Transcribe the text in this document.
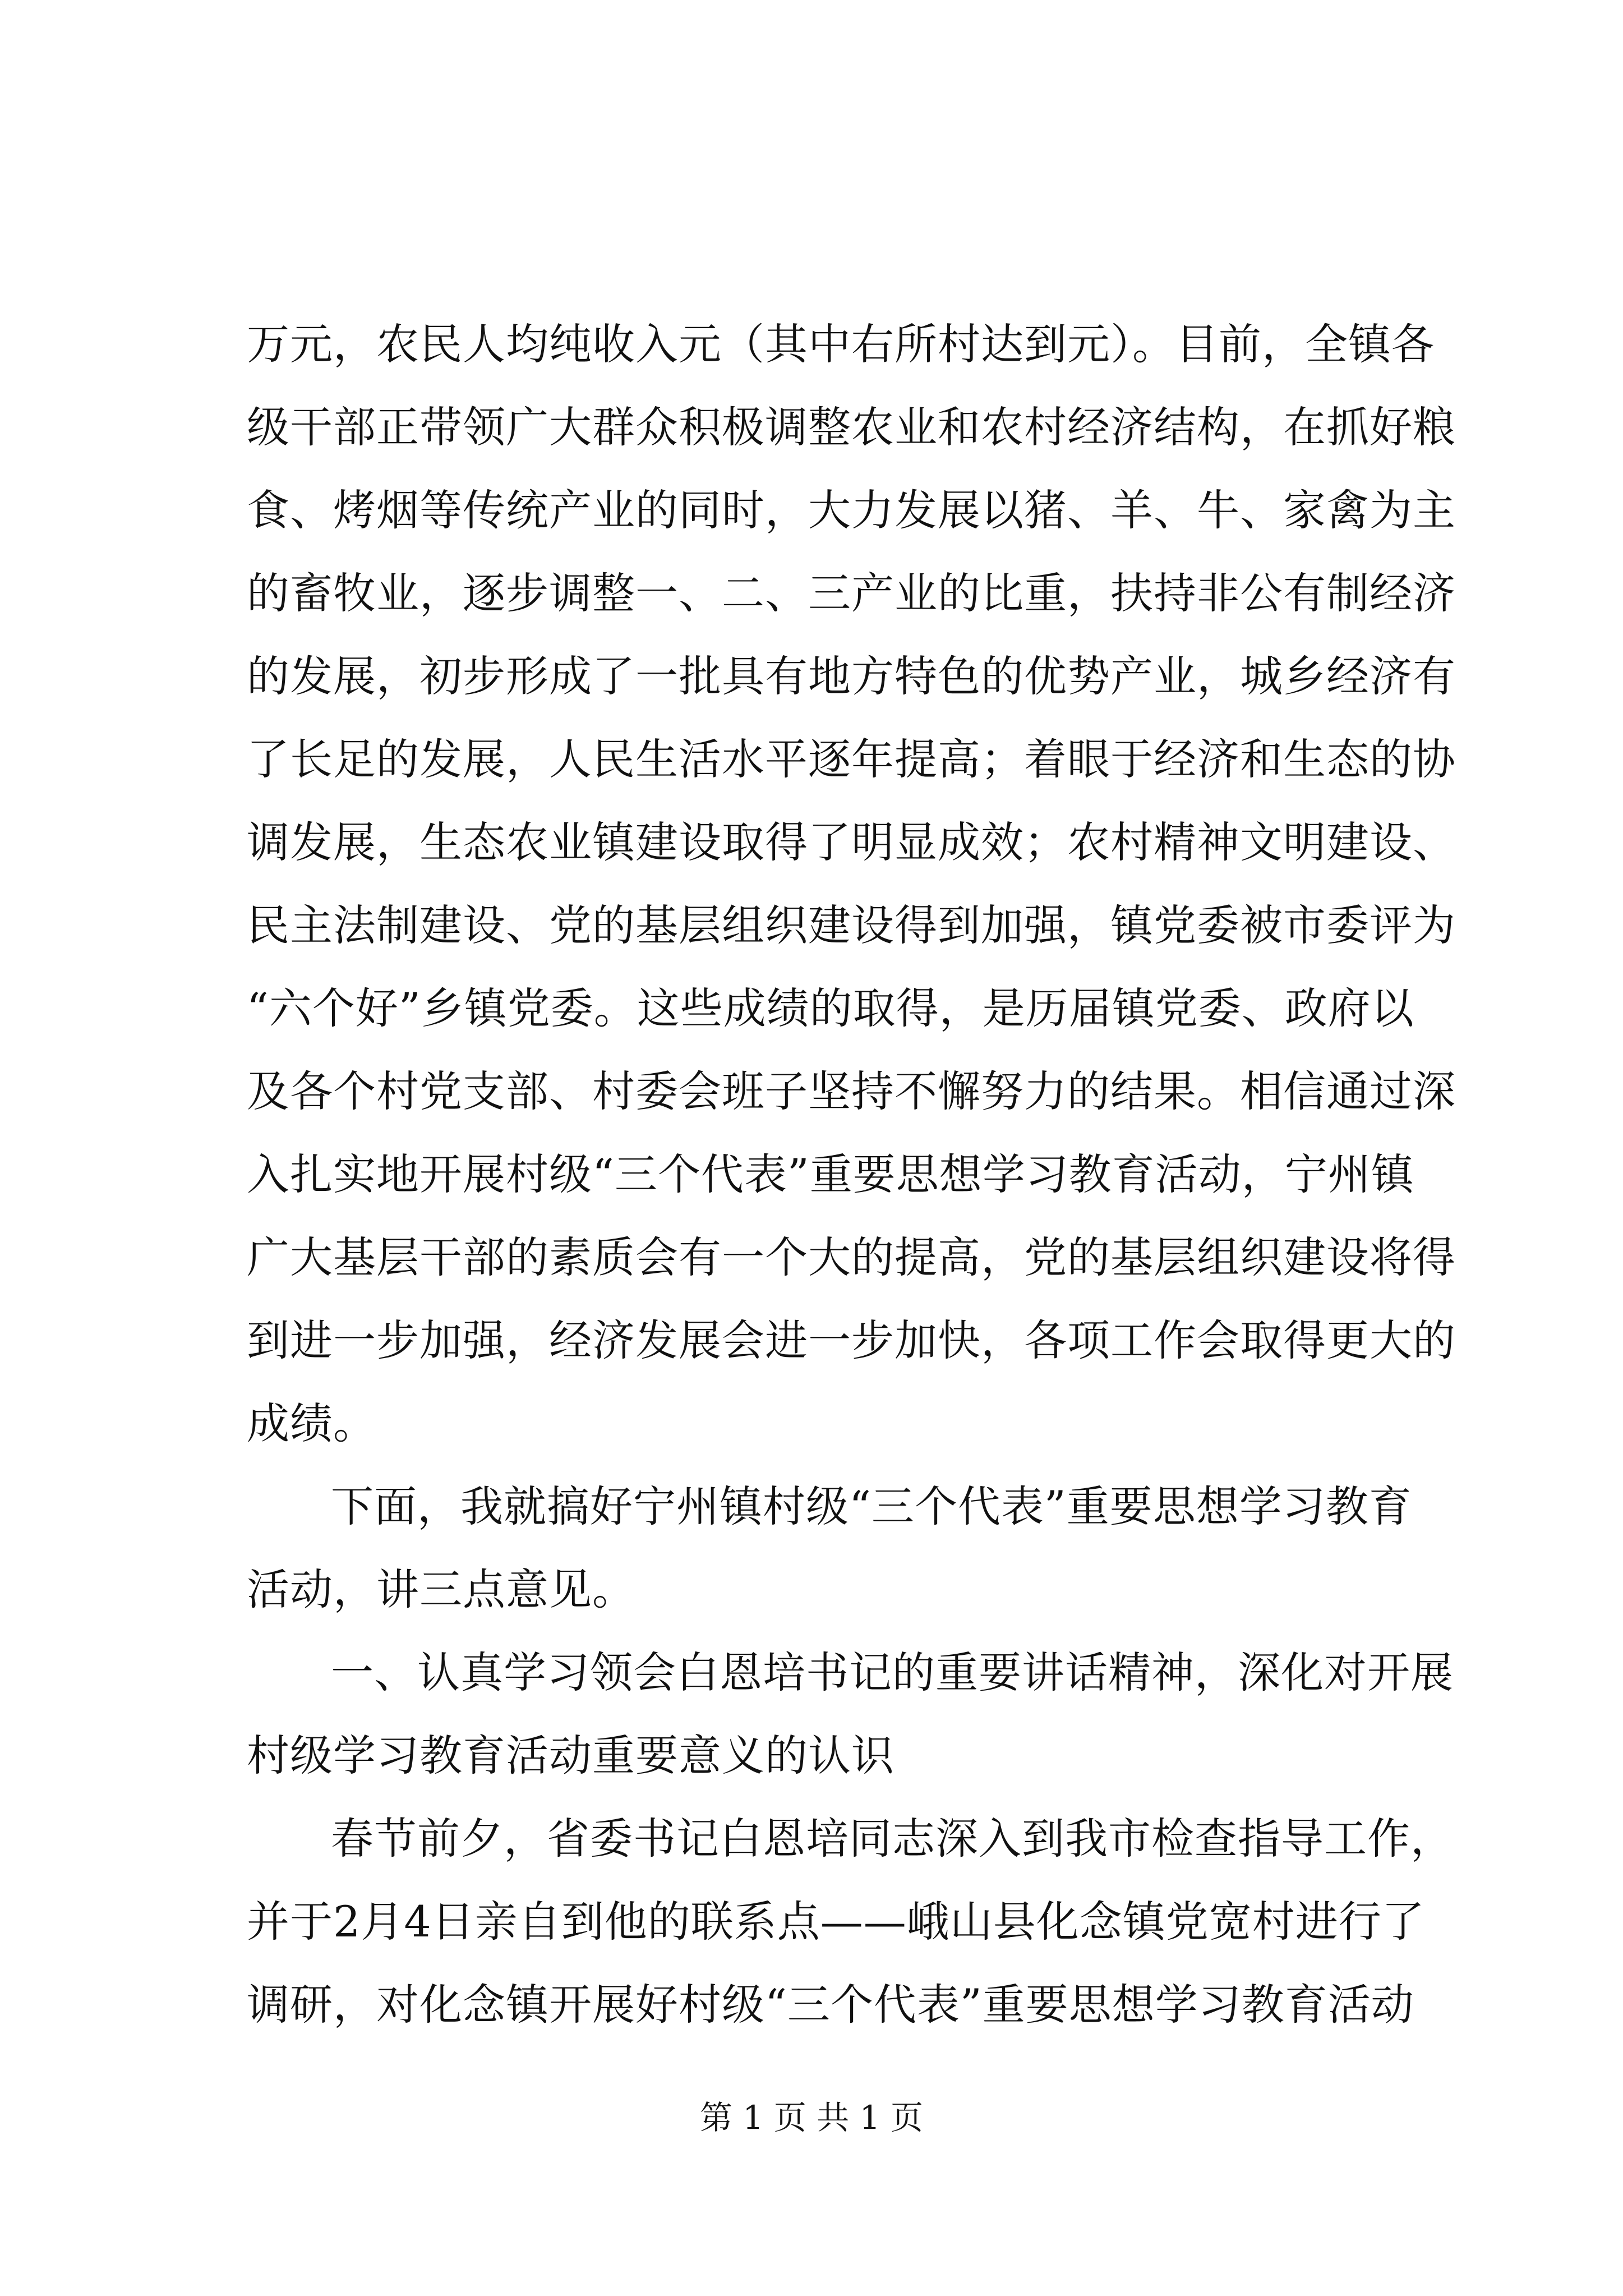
万元，农民人均纯收入元（其中右所村达到元）。目前，全镇各
级干部正带领广大群众积极调整农业和农村经济结构，在抓好粮
食、烤烟等传统产业的同时，大力发展以猪、羊、牛、家禽为主
的畜牧业，逐步调整一、二、三产业的比重，扶持非公有制经济
的发展，初步形成了一批具有地方特色的优势产业，城乡经济有
了长足的发展，人民生活水平逐年提高；着眼于经济和生态的协
调发展，生态农业镇建设取得了明显成效；农村精神文明建设、
民主法制建设、党的基层组织建设得到加强，镇党委被市委评为
“六个好”乡镇党委。这些成绩的取得，是历届镇党委、政府以
及各个村党支部、村委会班子坚持不懈努力的结果。相信通过深
入扎实地开展村级“三个代表”重要思想学习教育活动，宁州镇
广大基层干部的素质会有一个大的提高，党的基层组织建设将得
到进一步加强，经济发展会进一步加快，各项工作会取得更大的
成绩。
下面，我就搞好宁州镇村级“三个代表”重要思想学习教育
活动，讲三点意见。
一、认真学习领会白恩培书记的重要讲话精神，深化对开展
村级学习教育活动重要意义的认识
春节前夕，省委书记白恩培同志深入到我市检查指导工作，
并于2月4日亲自到他的联系点——峨山县化念镇党宽村进行了
调研，对化念镇开展好村级“三个代表”重要思想学习教育活动
第 1 页 共 1 页
